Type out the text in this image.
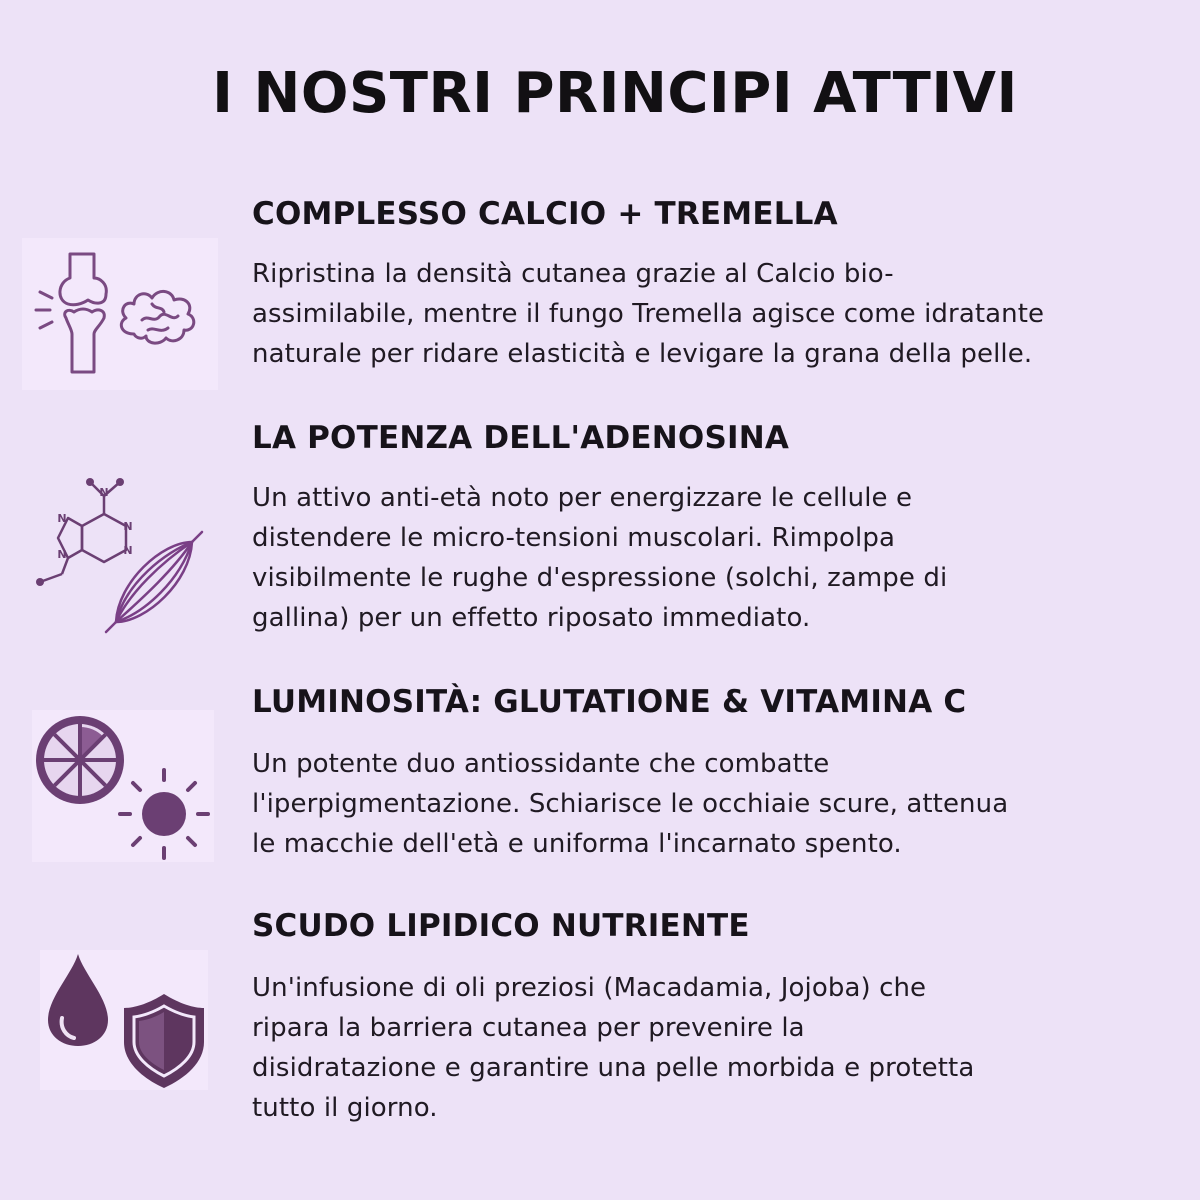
I NOSTRI PRINCIPI ATTIVI
COMPLESSO CALCIO + TREMELLA

Ripristina la densità cutanea grazie al Calcio bio-
assimilabile, mentre il fungo Tremella agisce come idratante
naturale per ridare elasticità e levigare la grana della pelle.

N
N
N
N
N
LA POTENZA DELL'ADENOSINA

Un attivo anti-età noto per energizzare le cellule e
distendere le micro-tensioni muscolari. Rimpolpa
visibilmente le rughe d'espressione (solchi, zampe di
gallina) per un effetto riposato immediato.

LUMINOSITÀ: GLUTATIONE & VITAMINA C

Un potente duo antiossidante che combatte
l'iperpigmentazione. Schiarisce le occhiaie scure, attenua
le macchie dell'età e uniforma l'incarnato spento.

SCUDO LIPIDICO NUTRIENTE

Un'infusione di oli preziosi (Macadamia, Jojoba) che
ripara la barriera cutanea per prevenire la
disidratazione e garantire una pelle morbida e protetta
tutto il giorno.
